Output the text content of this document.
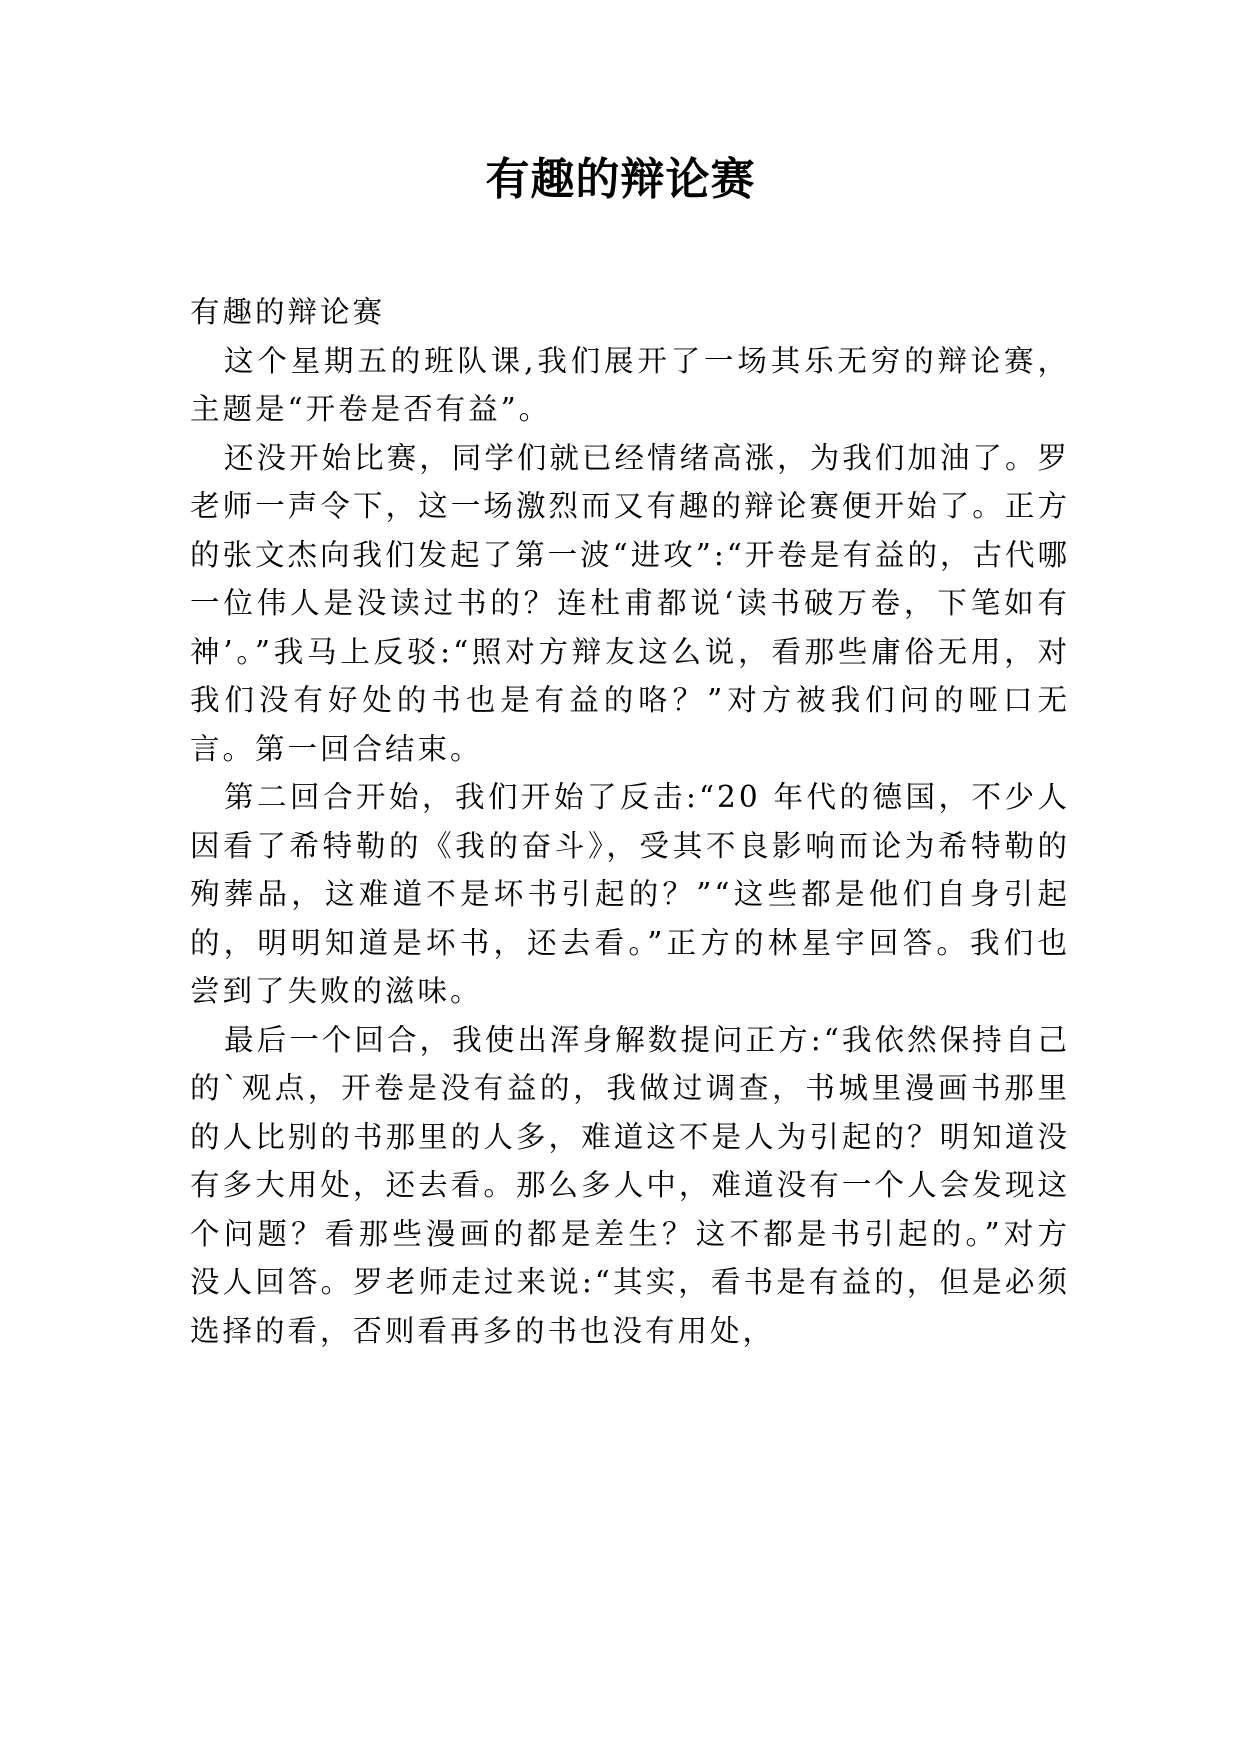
有趣的辩论赛

有趣的辩论赛

这个星期五的班队课,我们展开了一场其乐无穷的辩论赛，主题是“开卷是否有益”。

还没开始比赛，同学们就已经情绪高涨，为我们加油了。罗老师一声令下，这一场激烈而又有趣的辩论赛便开始了。正方的张文杰向我们发起了第一波“进攻”:“开卷是有益的，古代哪一位伟人是没读过书的？连杜甫都说‘读书破万卷，下笔如有神’。”我马上反驳:“照对方辩友这么说，看那些庸俗无用，对我们没有好处的书也是有益的咯？”对方被我们问的哑口无言。第一回合结束。

第二回合开始，我们开始了反击:“20 年代的德国，不少人因看了希特勒的《我的奋斗》，受其不良影响而论为希特勒的殉葬品，这难道不是坏书引起的？”“这些都是他们自身引起的，明明知道是坏书，还去看。”正方的林星宇回答。我们也尝到了失败的滋味。

最后一个回合，我使出浑身解数提问正方:“我依然保持自己的`观点，开卷是没有益的，我做过调查，书城里漫画书那里的人比别的书那里的人多，难道这不是人为引起的？明知道没有多大用处，还去看。那么多人中，难道没有一个人会发现这个问题？看那些漫画的都是差生？这不都是书引起的。”对方没人回答。罗老师走过来说:“其实，看书是有益的，但是必须选择的看，否则看再多的书也没有用处，
